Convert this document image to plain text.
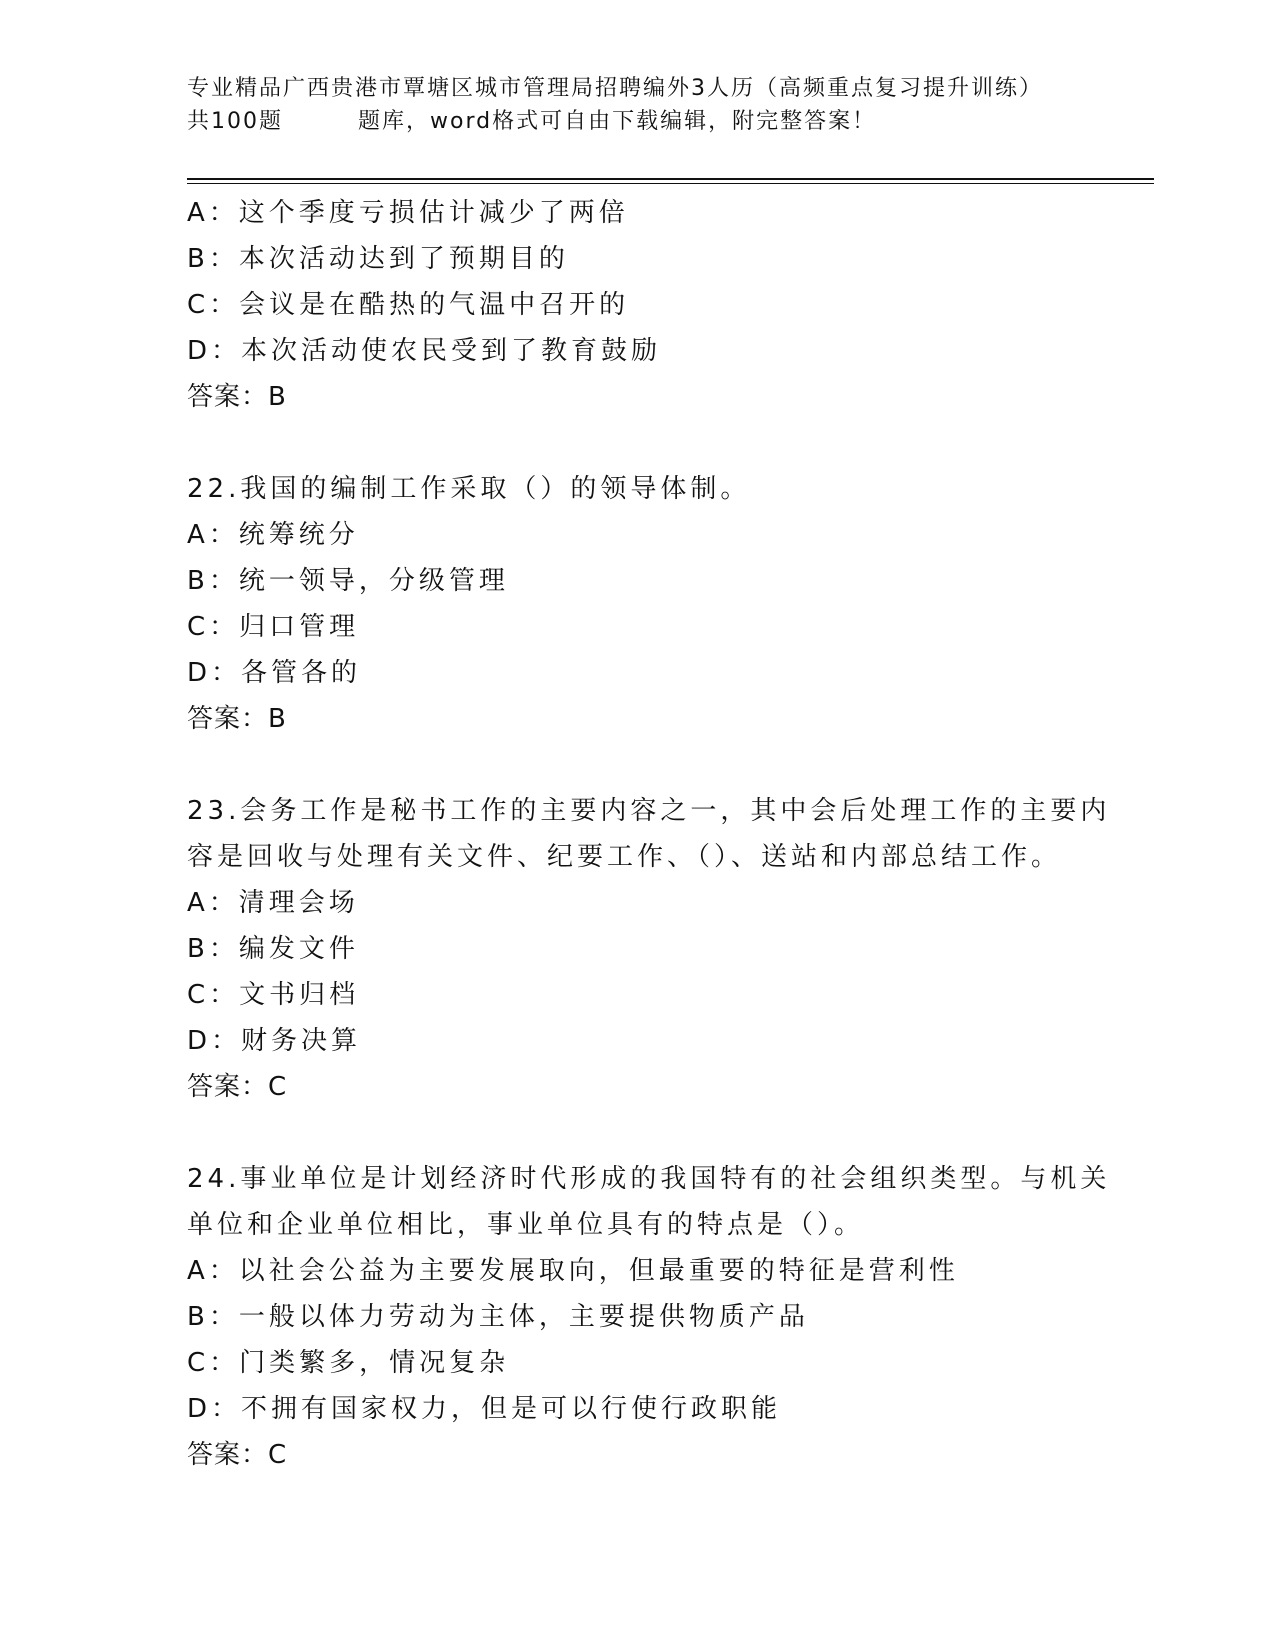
专业精品广西贵港市覃塘区城市管理局招聘编外3人历（高频重点复习提升训练）
共100题	题库，word格式可自由下载编辑，附完整答案！
A：这个季度亏损估计减少了两倍
B：本次活动达到了预期目的
C：会议是在酷热的气温中召开的
D：本次活动使农民受到了教育鼓励
答案：B
22.我国的编制工作采取（）的领导体制。
A：统筹统分
B：统一领导，分级管理
C：归口管理
D：各管各的
答案：B
23.会务工作是秘书工作的主要内容之一，其中会后处理工作的主要内
容是回收与处理有关文件、纪要工作、（）、送站和内部总结工作。
A：清理会场
B：编发文件
C：文书归档
D：财务决算
答案：C
24.事业单位是计划经济时代形成的我国特有的社会组织类型。与机关
单位和企业单位相比，事业单位具有的特点是（）。
A：以社会公益为主要发展取向，但最重要的特征是营利性
B：一般以体力劳动为主体，主要提供物质产品
C：门类繁多，情况复杂
D：不拥有国家权力，但是可以行使行政职能
答案：C
